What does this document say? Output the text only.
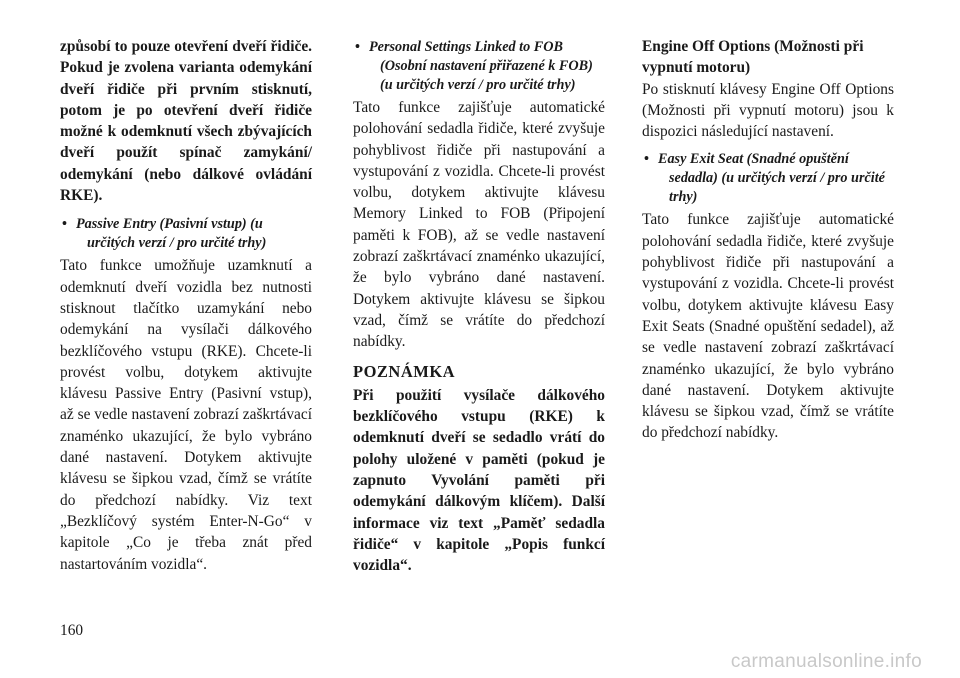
způsobí to pouze otevření dveří řidiče. Pokud je zvolena varianta odemykání dveří řidiče při prvním stisknutí, potom je po otevření dveří řidiče možné k odemknutí všech zbývajících dveří použít spínač zamykání/ odemykání (nebo dálkové ovládání RKE).

• Passive Entry (Pasivní vstup) (u
určitých verzí / pro určité trhy)

Tato funkce umožňuje uzamknutí a odemknutí dveří vozidla bez nutnosti stisknout tlačítko uzamykání nebo odemykání na vysílači dálkového bezklíčového vstupu (RKE). Chcete-li provést volbu, dotykem aktivujte klávesu Passive Entry (Pasivní vstup), až se vedle nastavení zobrazí zaškrtávací znaménko ukazující, že bylo vybráno dané nastavení. Dotykem aktivujte klávesu se šipkou vzad, čímž se vrátíte do předchozí nabídky. Viz text „Bezklíčový systém Enter-N-Go“ v kapitole „Co je třeba znát před nastartováním vozidla“.

• Personal Settings Linked to FOB
(Osobní nastavení přiřazené k FOB)
(u určitých verzí / pro určité trhy)

Tato funkce zajišťuje automatické polohování sedadla řidiče, které zvyšuje pohyblivost řidiče při nastupování a vystupování z vozidla. Chcete-li provést volbu, dotykem aktivujte klávesu Memory Linked to FOB (Připojení paměti k FOB), až se vedle nastavení zobrazí zaškrtávací znaménko ukazující, že bylo vybráno dané nastavení. Dotykem aktivujte klávesu se šipkou vzad, čímž se vrátíte do předchozí nabídky.

POZNÁMKA

Při použití vysílače dálkového bezklíčového vstupu (RKE) k odemknutí dveří se sedadlo vrátí do polohy uložené v paměti (pokud je zapnuto Vyvolání paměti při odemykání dálkovým klíčem). Další informace viz text „Paměť sedadla řidiče“ v kapitole „Popis funkcí vozidla“.

Engine Off Options (Možnosti při vypnutí motoru)

Po stisknutí klávesy Engine Off Options (Možnosti při vypnutí motoru) jsou k dispozici následující nastavení.

• Easy Exit Seat (Snadné opuštění
sedadla) (u určitých verzí / pro určité
trhy)

Tato funkce zajišťuje automatické polohování sedadla řidiče, které zvyšuje pohyblivost řidiče při nastupování a vystupování z vozidla. Chcete-li provést volbu, dotykem aktivujte klávesu Easy Exit Seats (Snadné opuštění sedadel), až se vedle nastavení zobrazí zaškrtávací znaménko ukazující, že bylo vybráno dané nastavení. Dotykem aktivujte klávesu se šipkou vzad, čímž se vrátíte do předchozí nabídky.

160
carmanualsonline.info
